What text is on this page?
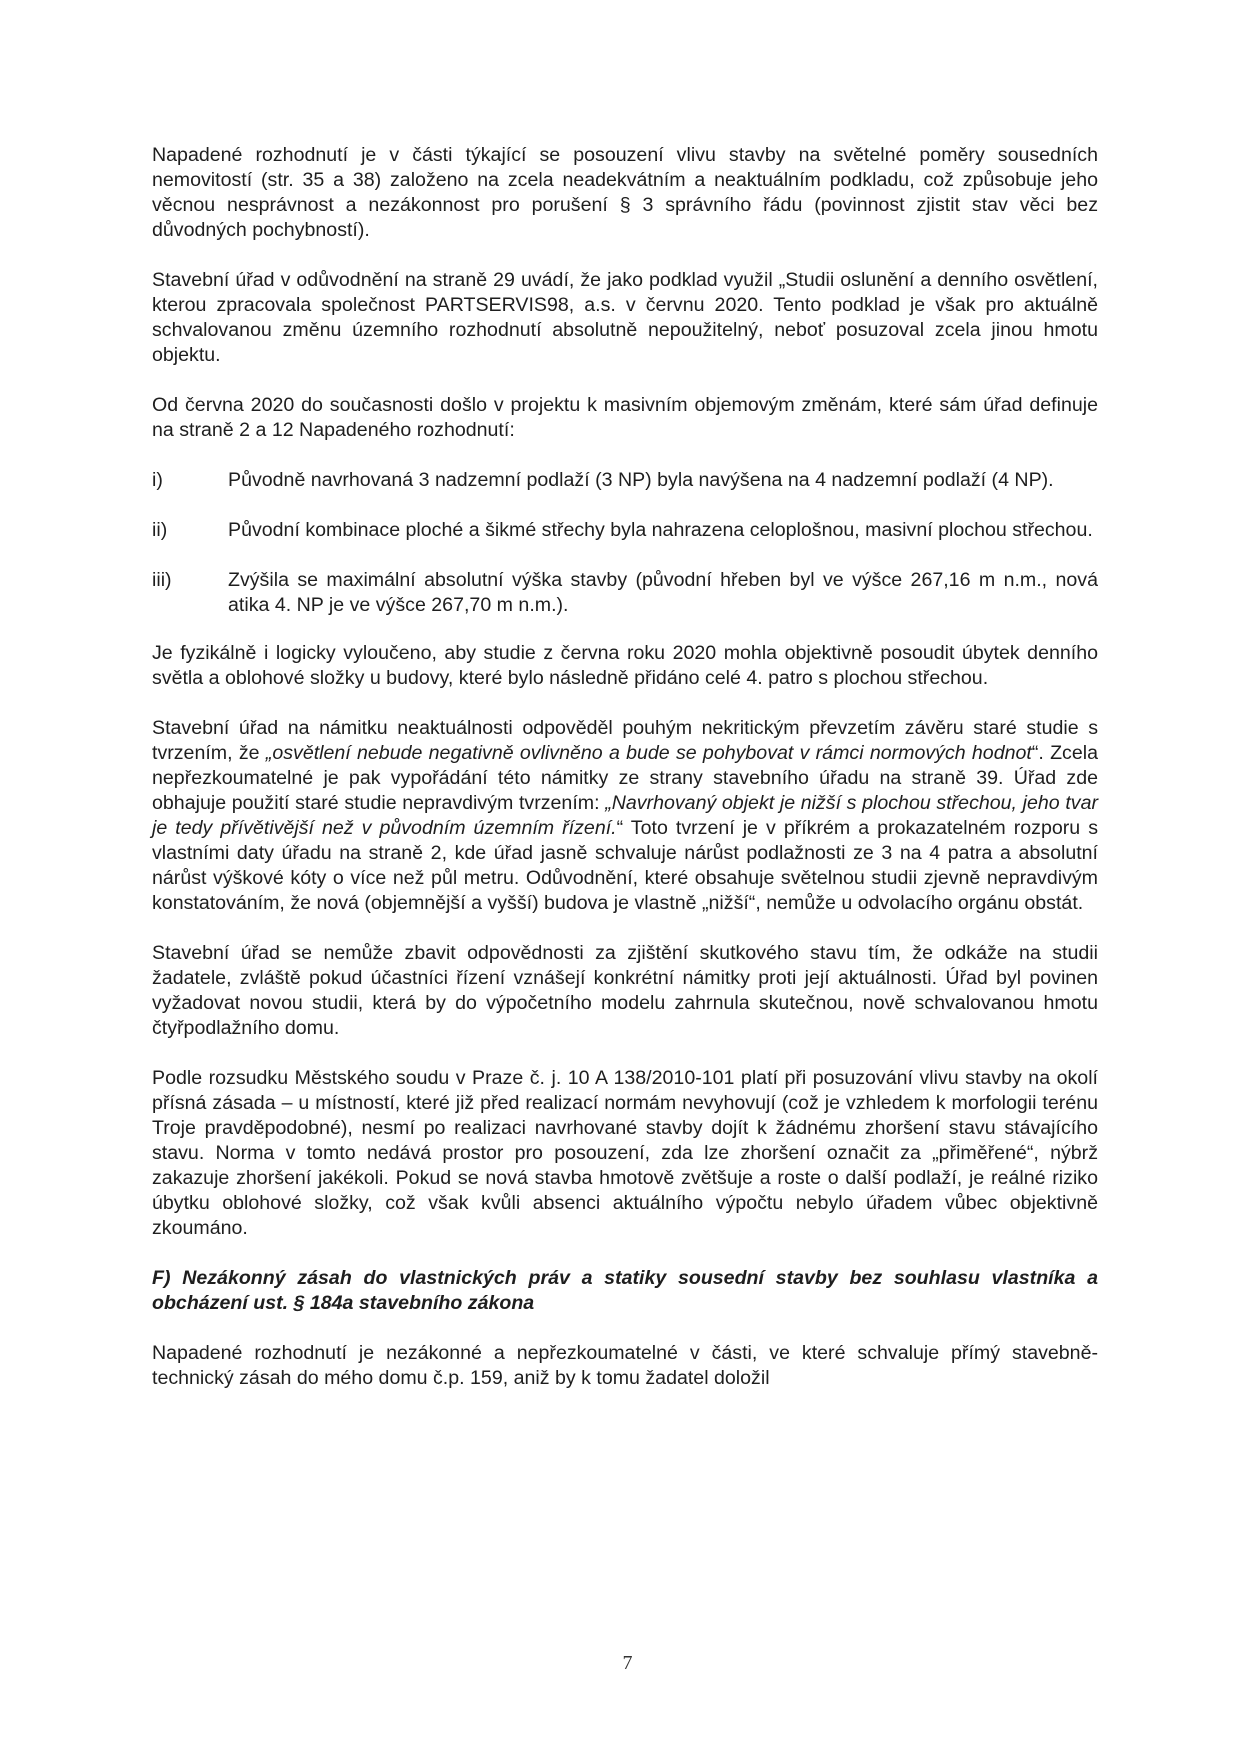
Napadené rozhodnutí je v části týkající se posouzení vlivu stavby na světelné poměry sousedních nemovitostí (str. 35 a 38) založeno na zcela neadekvátním a neaktuálním podkladu, což způsobuje jeho věcnou nesprávnost a nezákonnost pro porušení § 3 správního řádu (povinnost zjistit stav věci bez důvodných pochybností).

Stavební úřad v odůvodnění na straně 29 uvádí, že jako podklad využil „Studii oslunění a denního osvětlení, kterou zpracovala společnost PARTSERVIS98, a.s. v červnu 2020. Tento podklad je však pro aktuálně schvalovanou změnu územního rozhodnutí absolutně nepoužitelný, neboť posuzoval zcela jinou hmotu objektu.

Od června 2020 do současnosti došlo v projektu k masivním objemovým změnám, které sám úřad definuje na straně 2 a 12 Napadeného rozhodnutí:

i)	Původně navrhovaná 3 nadzemní podlaží (3 NP) byla navýšena na 4 nadzemní podlaží (4 NP).
ii)	Původní kombinace ploché a šikmé střechy byla nahrazena celoplošnou, masivní plochou střechou.
iii)	Zvýšila se maximální absolutní výška stavby (původní hřeben byl ve výšce 267,16 m n.m., nová atika 4. NP je ve výšce 267,70 m n.m.).

Je fyzikálně i logicky vyloučeno, aby studie z června roku 2020 mohla objektivně posoudit úbytek denního světla a oblohové složky u budovy, které bylo následně přidáno celé 4. patro s plochou střechou.

Stavební úřad na námitku neaktuálnosti odpověděl pouhým nekritickým převzetím závěru staré studie s tvrzením, že „osvětlení nebude negativně ovlivněno a bude se pohybovat v rámci normových hodnot“. Zcela nepřezkoumatelné je pak vypořádání této námitky ze strany stavebního úřadu na straně 39. Úřad zde obhajuje použití staré studie nepravdivým tvrzením: „Navrhovaný objekt je nižší s plochou střechou, jeho tvar je tedy přívětivější než v původním územním řízení.“ Toto tvrzení je v příkrém a prokazatelném rozporu s vlastními daty úřadu na straně 2, kde úřad jasně schvaluje nárůst podlažnosti ze 3 na 4 patra a absolutní nárůst výškové kóty o více než půl metru. Odůvodnění, které obsahuje světelnou studii zjevně nepravdivým konstatováním, že nová (objemnější a vyšší) budova je vlastně „nižší“, nemůže u odvolacího orgánu obstát.

Stavební úřad se nemůže zbavit odpovědnosti za zjištění skutkového stavu tím, že odkáže na studii žadatele, zvláště pokud účastníci řízení vznášejí konkrétní námitky proti její aktuálnosti. Úřad byl povinen vyžadovat novou studii, která by do výpočetního modelu zahrnula skutečnou, nově schvalovanou hmotu čtyřpodlažního domu.

Podle rozsudku Městského soudu v Praze č. j. 10 A 138/2010-101 platí při posuzování vlivu stavby na okolí přísná zásada – u místností, které již před realizací normám nevyhovují (což je vzhledem k morfologii terénu Troje pravděpodobné), nesmí po realizaci navrhované stavby dojít k žádnému zhoršení stavu stávajícího stavu. Norma v tomto nedává prostor pro posouzení, zda lze zhoršení označit za „přiměřené“, nýbrž zakazuje zhoršení jakékoli. Pokud se nová stavba hmotově zvětšuje a roste o další podlaží, je reálné riziko úbytku oblohové složky, což však kvůli absenci aktuálního výpočtu nebylo úřadem vůbec objektivně zkoumáno.

F) Nezákonný zásah do vlastnických práv a statiky sousední stavby bez souhlasu vlastníka a obcházení ust. § 184a stavebního zákona

Napadené rozhodnutí je nezákonné a nepřezkoumatelné v části, ve které schvaluje přímý stavebně-technický zásah do mého domu č.p. 159, aniž by k tomu žadatel doložil

7
